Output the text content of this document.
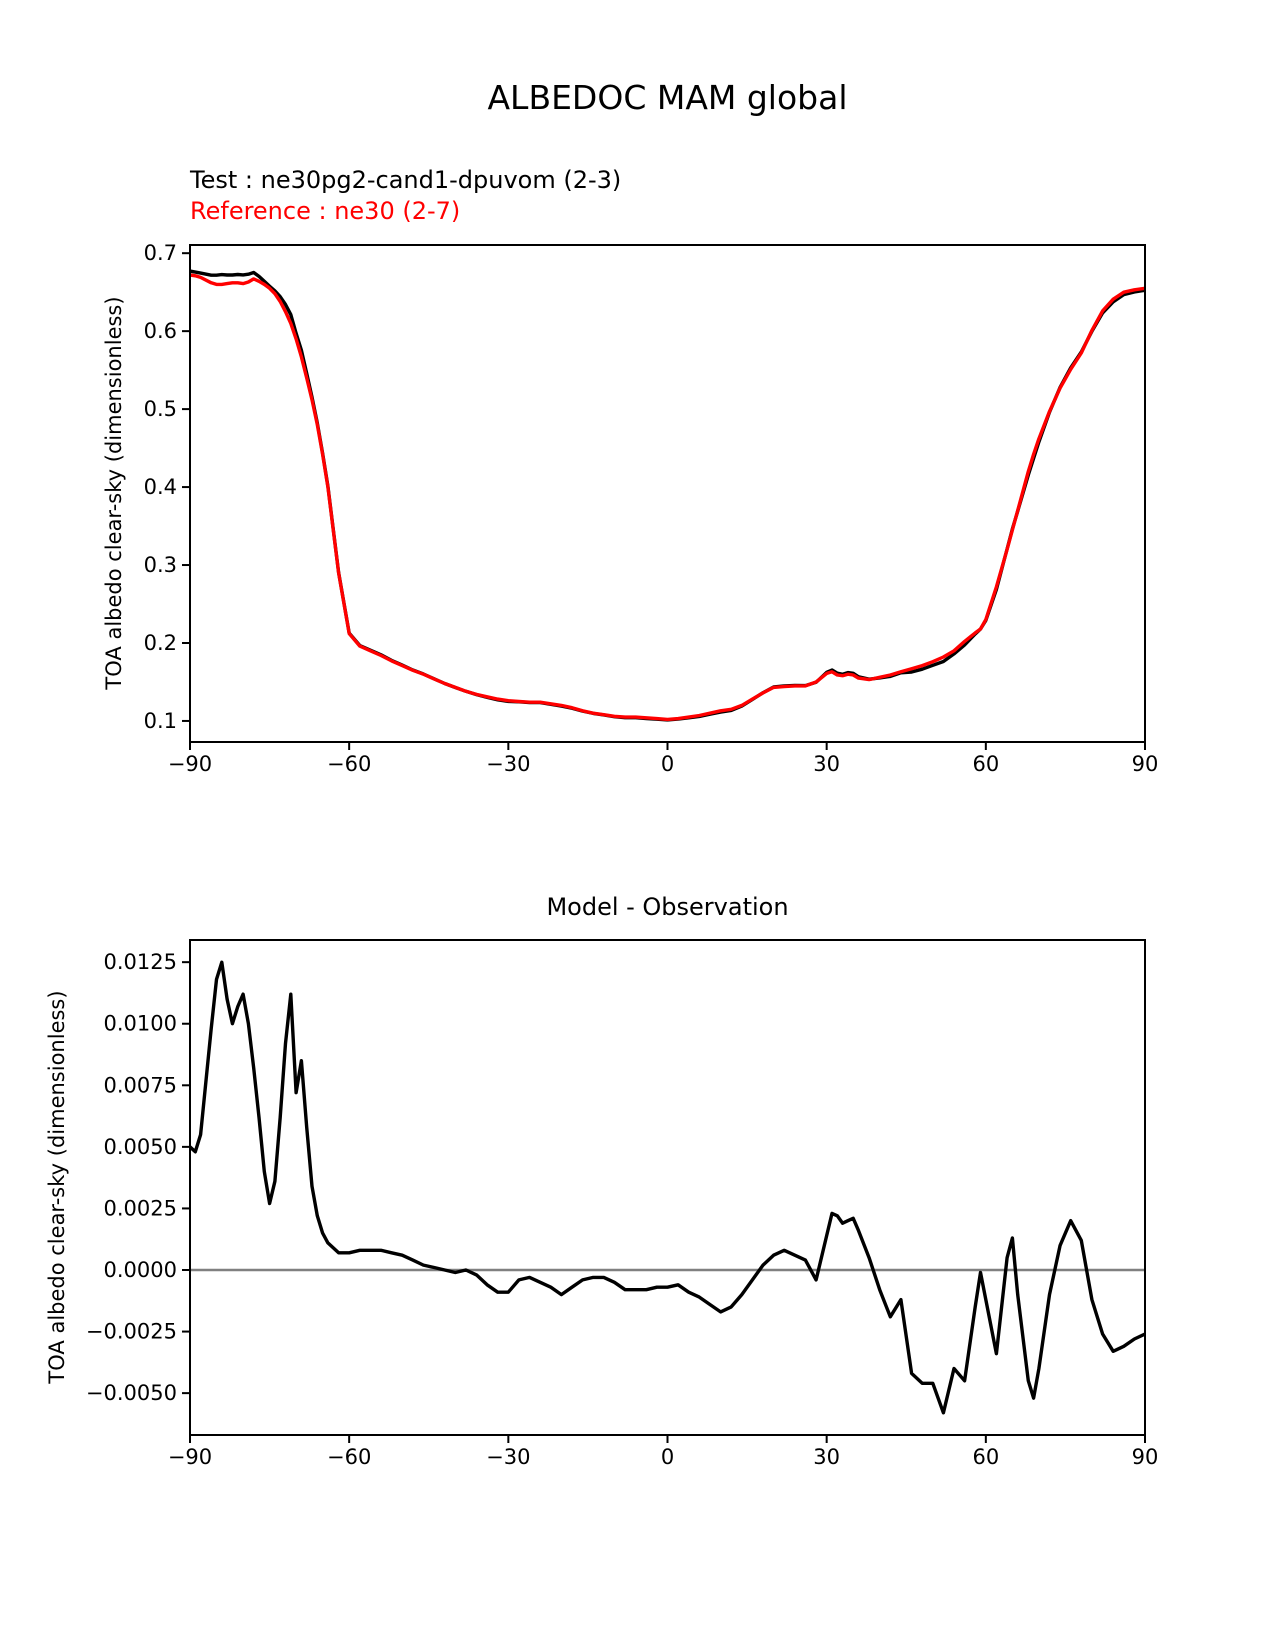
−90	−60	−30	0	30	60	90
0.1
0.2
0.3
0.4
0.5
0.6
0.7
−90	−60	−30	0	30	60	90
−0.0050
−0.0025
0.0000
0.0025
0.0050
0.0075
0.0100
0.0125
ALBEDOC MAM global
Test : ne30pg2-cand1-dpuvom (2-3)
Reference : ne30 (2-7)
TOA albedo clear-sky (dimensionless)
Model - Observation
TOA albedo clear-sky (dimensionless)
